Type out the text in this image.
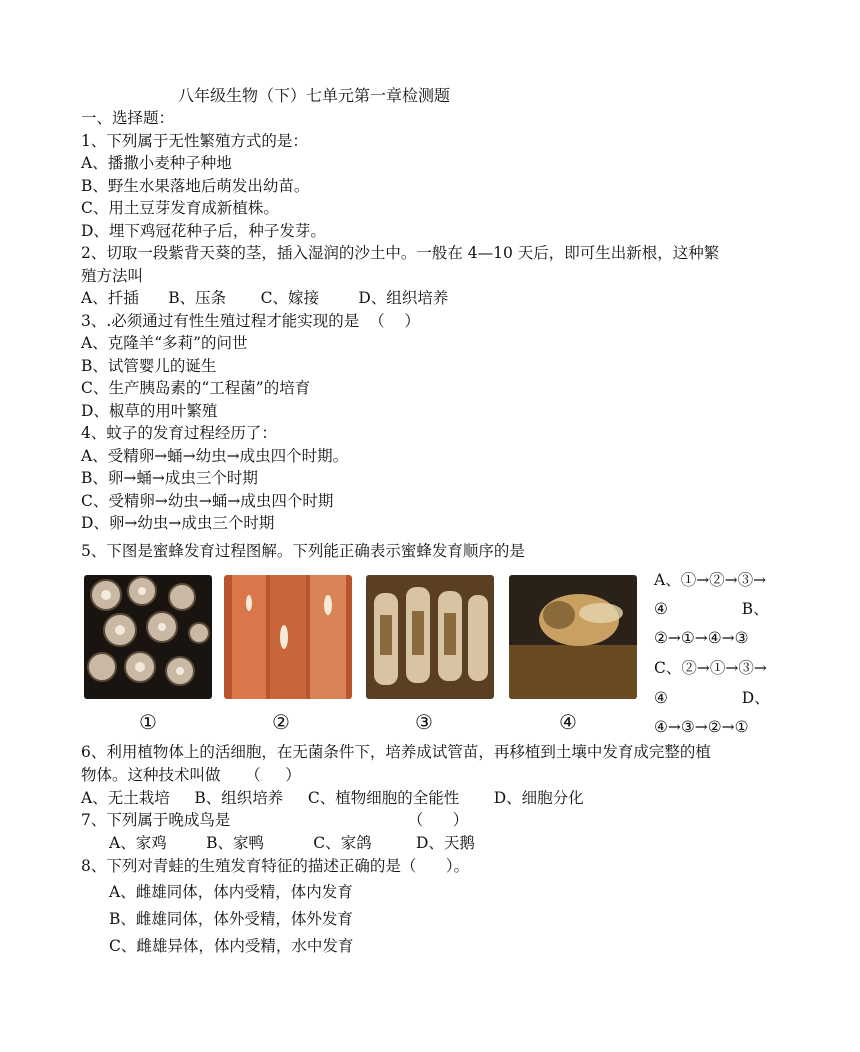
八年级生物（下）七单元第一章检测题
一、选择题：
1、下列属于无性繁殖方式的是：
A、播撒小麦种子种地
B、野生水果落地后萌发出幼苗。
C、用土豆芽发育成新植株。
D、埋下鸡冠花种子后，种子发芽。
2、切取一段紫背天葵的茎，插入湿润的沙土中。一般在 4—10 天后，即可生出新根，这种繁
殖方法叫
A、扦插      B、压条       C、嫁接        D、组织培养
3、.必须通过有性生殖过程才能实现的是  （    ）
A、克隆羊“多莉”的问世
B、试管婴儿的诞生
C、生产胰岛素的“工程菌”的培育
D、椒草的用叶繁殖
4、蚊子的发育过程经历了：
A、受精卵→蛹→幼虫→成虫四个时期。
B、卵→蛹→成虫三个时期
C、受精卵→幼虫→蛹→成虫四个时期
D、卵→幼虫→成虫三个时期
5、下图是蜜蜂发育过程图解。下列能正确表示蜜蜂发育顺序的是
①	②	③	④
A、①→②→③→
④               B、
②→①→④→③
C、②→①→③→
④               D、
④→③→②→①
6、利用植物体上的活细胞，在无菌条件下，培养成试管苗，再移植到土壤中发育成完整的植
物体。这种技术叫做     （     ）
A、无土栽培     B、组织培养     C、植物细胞的全能性       D、细胞分化
7、下列属于晚成鸟是                                    （      ）
A、家鸡        B、家鸭          C、家鸽         D、天鹅
8、下列对青蛙的生殖发育特征的描述正确的是（      ）。
A、雌雄同体，体内受精，体内发育
B、雌雄同体，体外受精，体外发育
C、雌雄异体，体内受精，水中发育
